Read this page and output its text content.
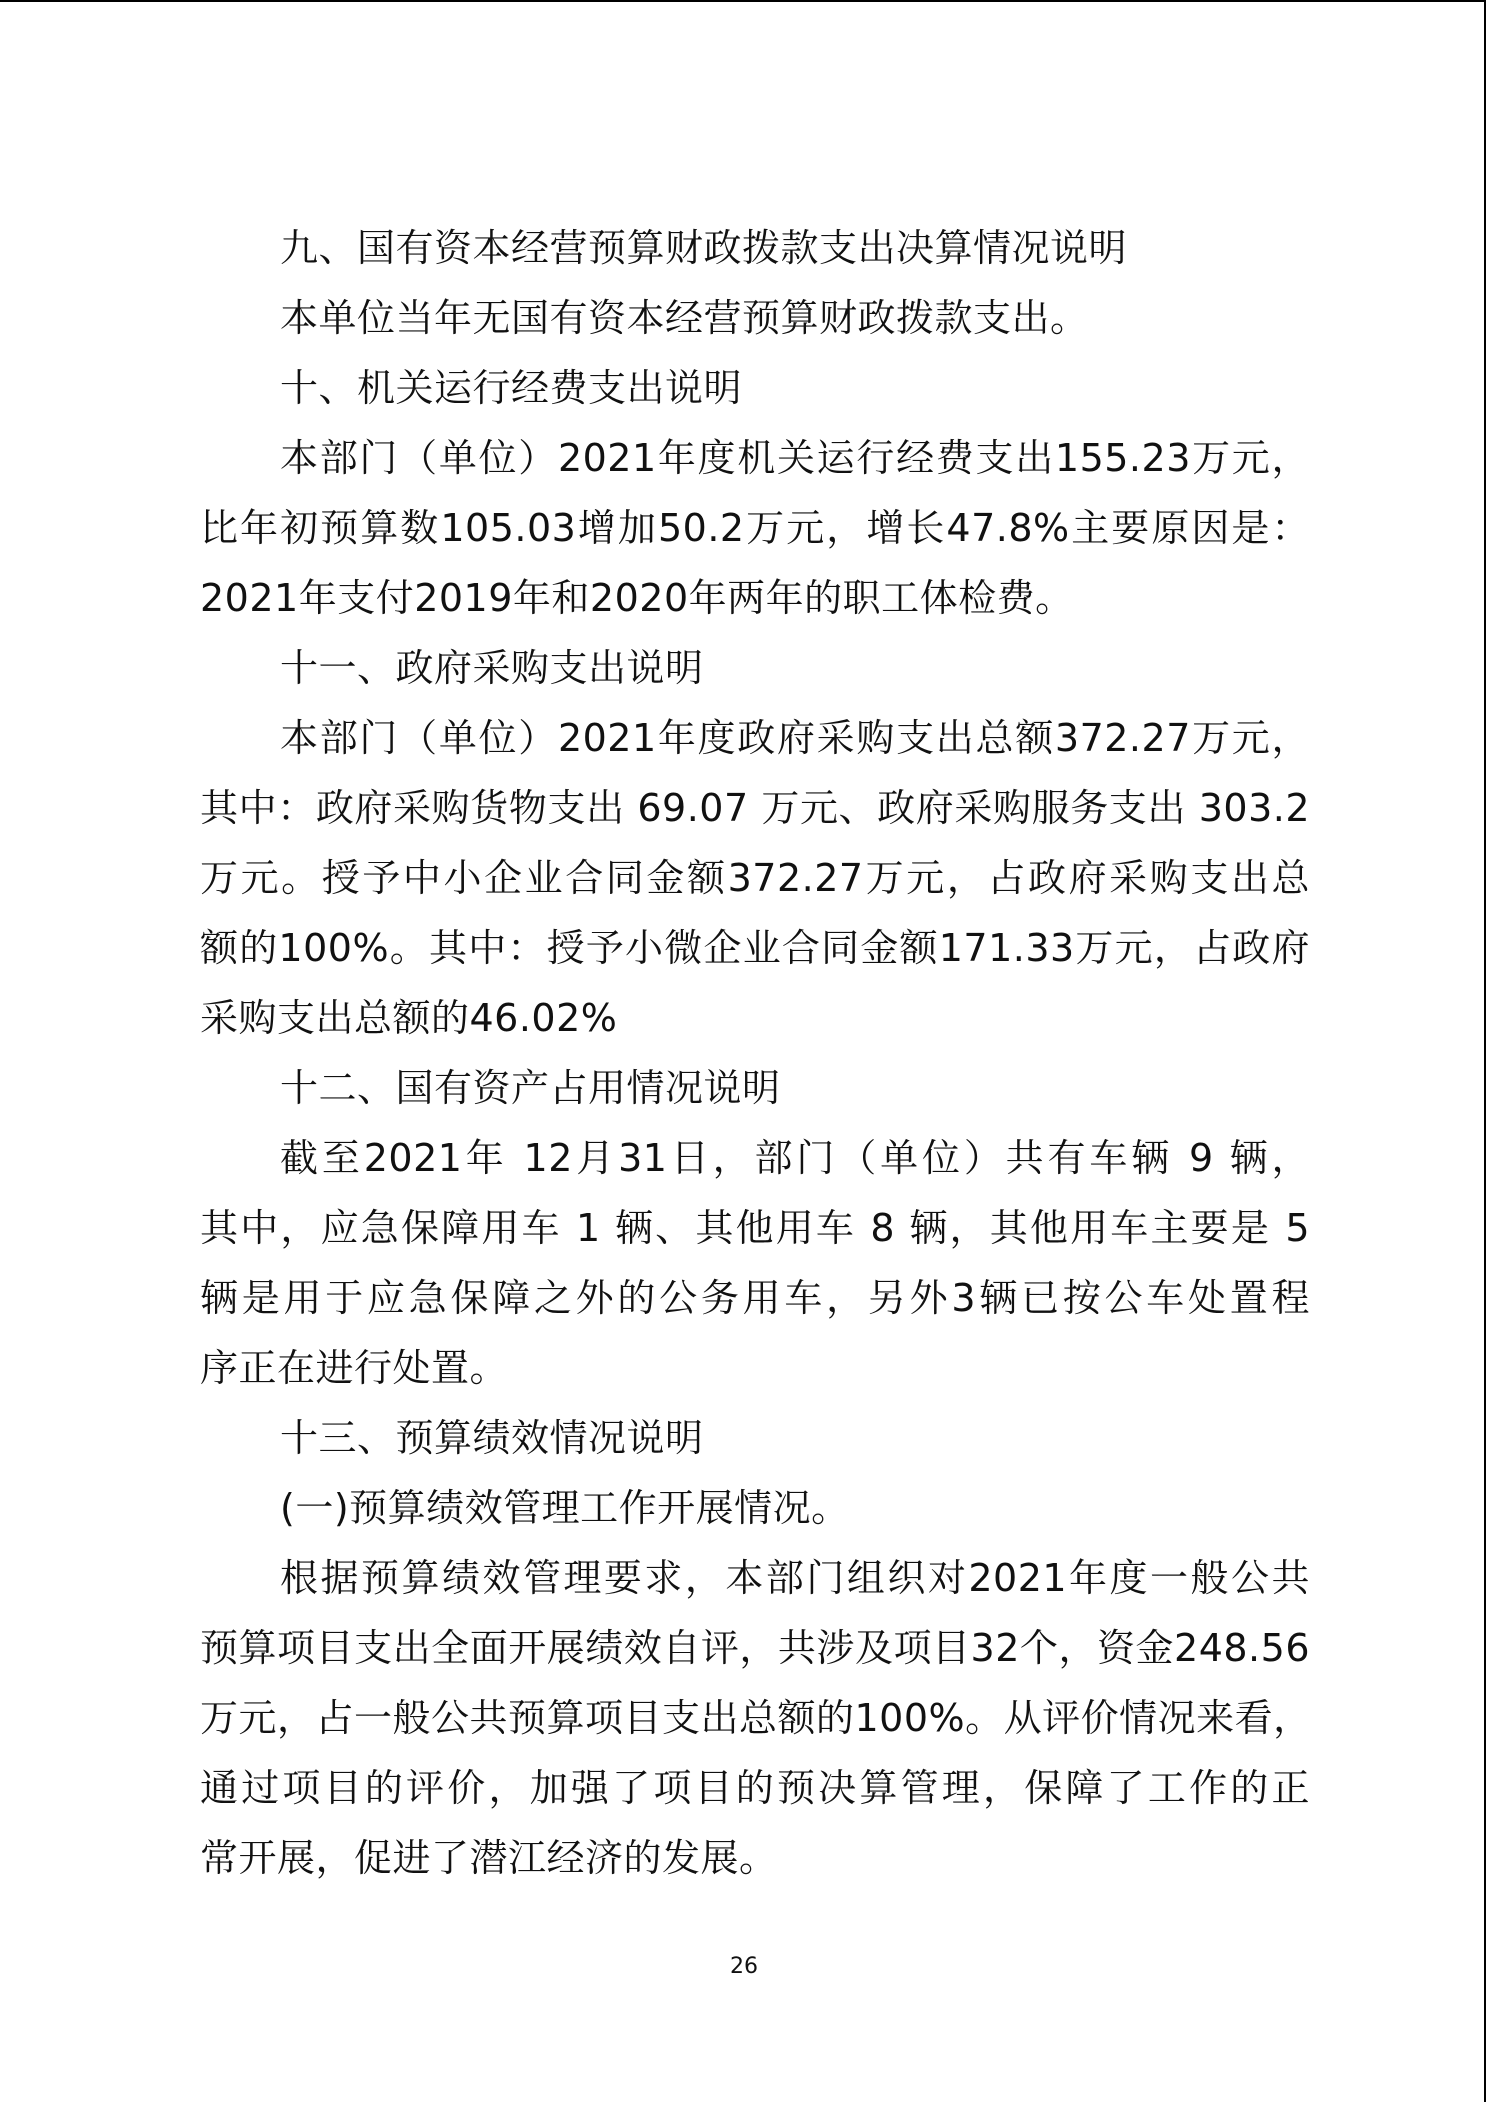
九、国有资本经营预算财政拨款支出决算情况说明
本单位当年无国有资本经营预算财政拨款支出。
十、机关运行经费支出说明
本部门（单位）2021年度机关运行经费支出155.23万元，
比年初预算数105.03增加50.2万元，增长47.8%主要原因是：
2021年支付2019年和2020年两年的职工体检费。
十一、政府采购支出说明
本部门（单位）2021年度政府采购支出总额372.27万元，
其中：政府采购货物支出 69.07 万元、政府采购服务支出 303.2
万元。授予中小企业合同金额372.27万元，占政府采购支出总
额的100%。其中：授予小微企业合同金额171.33万元，占政府
采购支出总额的46.02%
十二、国有资产占用情况说明
截至2021年 12月31日，部门（单位）共有车辆 9 辆，
其中，应急保障用车 1 辆、其他用车 8 辆，其他用车主要是 5
辆是用于应急保障之外的公务用车，另外3辆已按公车处置程
序正在进行处置。
十三、预算绩效情况说明
(一)预算绩效管理工作开展情况。
根据预算绩效管理要求，本部门组织对2021年度一般公共
预算项目支出全面开展绩效自评，共涉及项目32个，资金248.56
万元，占一般公共预算项目支出总额的100%。从评价情况来看，
通过项目的评价，加强了项目的预决算管理，保障了工作的正
常开展，促进了潜江经济的发展。
26
